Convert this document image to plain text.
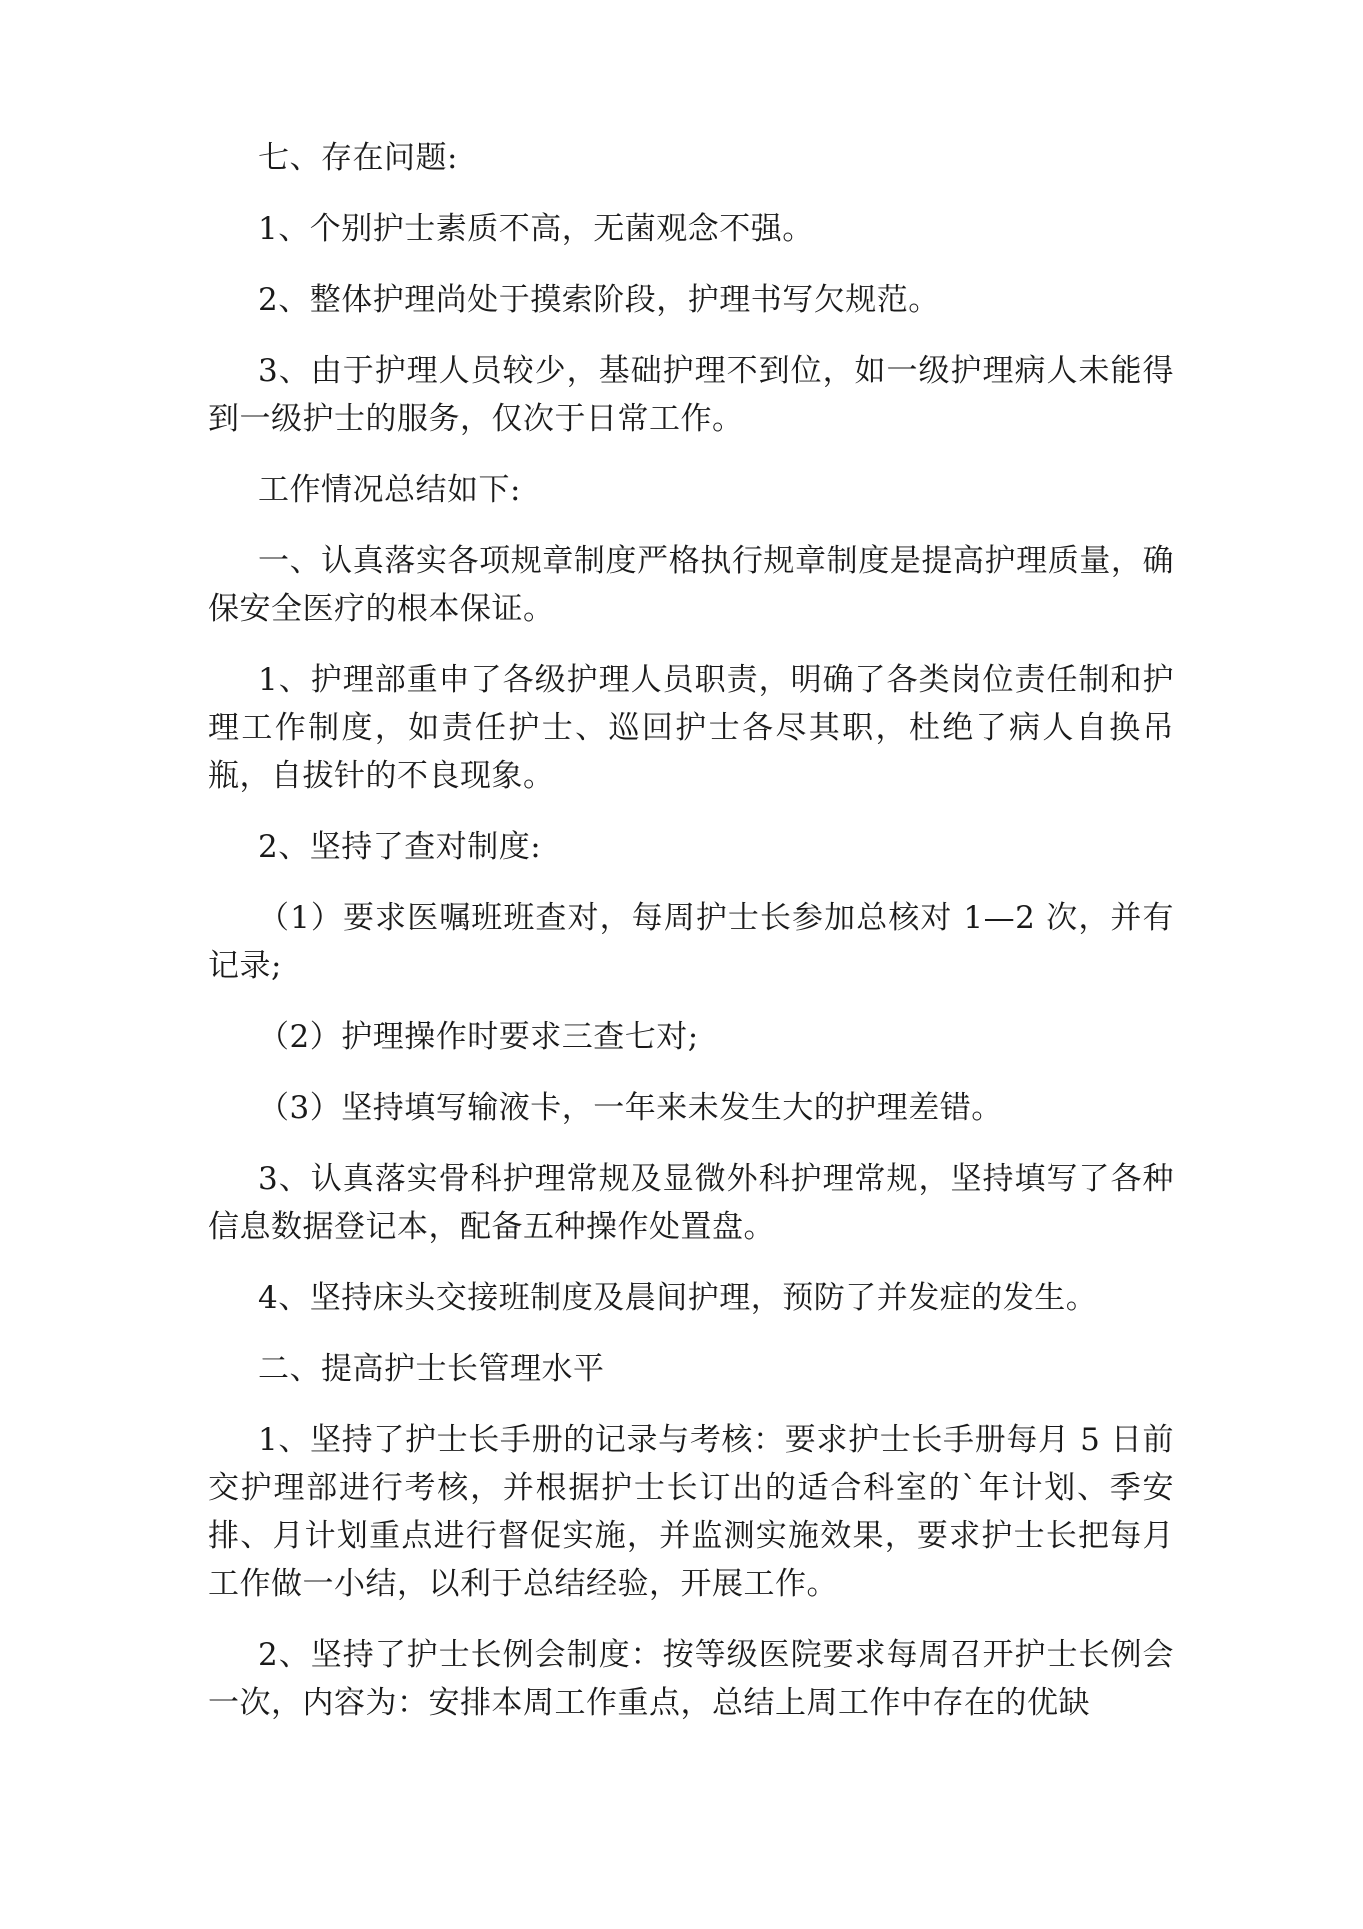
七、存在问题:

1、个别护士素质不高，无菌观念不强。

2、整体护理尚处于摸索阶段，护理书写欠规范。

3、由于护理人员较少，基础护理不到位，如一级护理病人未能得到一级护士的服务，仅次于日常工作。

工作情况总结如下:

一、认真落实各项规章制度严格执行规章制度是提高护理质量，确保安全医疗的根本保证。

1、护理部重申了各级护理人员职责，明确了各类岗位责任制和护理工作制度，如责任护士、巡回护士各尽其职，杜绝了病人自换吊瓶，自拔针的不良现象。

2、坚持了查对制度:

（1）要求医嘱班班查对，每周护士长参加总核对 1—2 次，并有记录;

（2）护理操作时要求三查七对;

（3）坚持填写输液卡，一年来未发生大的护理差错。

3、认真落实骨科护理常规及显微外科护理常规，坚持填写了各种信息数据登记本，配备五种操作处置盘。

4、坚持床头交接班制度及晨间护理，预防了并发症的发生。

二、提高护士长管理水平

1、坚持了护士长手册的记录与考核：要求护士长手册每月 5 日前交护理部进行考核，并根据护士长订出的适合科室的`年计划、季安排、月计划重点进行督促实施，并监测实施效果，要求护士长把每月工作做一小结，以利于总结经验，开展工作。

2、坚持了护士长例会制度：按等级医院要求每周召开护士长例会一次，内容为：安排本周工作重点，总结上周工作中存在的优缺
